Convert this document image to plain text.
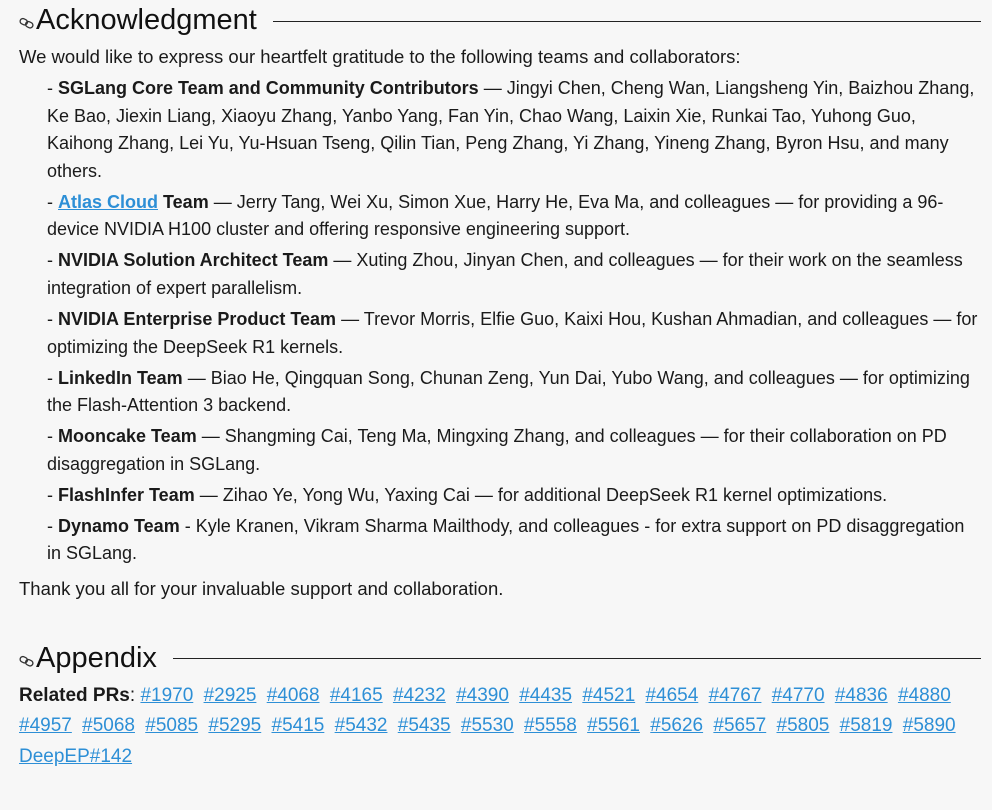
Acknowledgment

We would like to express our heartfelt gratitude to the following teams and collaborators:

- SGLang Core Team and Community Contributors — Jingyi Chen, Cheng Wan, Liangsheng Yin, Baizhou Zhang, Ke Bao, Jiexin Liang, Xiaoyu Zhang, Yanbo Yang, Fan Yin, Chao Wang, Laixin Xie, Runkai Tao, Yuhong Guo, Kaihong Zhang, Lei Yu, Yu-Hsuan Tseng, Qilin Tian, Peng Zhang, Yi Zhang, Yineng Zhang, Byron Hsu, and many others.
- Atlas Cloud Team — Jerry Tang, Wei Xu, Simon Xue, Harry He, Eva Ma, and colleagues — for providing a 96-device NVIDIA H100 cluster and offering responsive engineering support.
- NVIDIA Solution Architect Team — Xuting Zhou, Jinyan Chen, and colleagues — for their work on the seamless integration of expert parallelism.
- NVIDIA Enterprise Product Team — Trevor Morris, Elfie Guo, Kaixi Hou, Kushan Ahmadian, and colleagues — for optimizing the DeepSeek R1 kernels.
- LinkedIn Team — Biao He, Qingquan Song, Chunan Zeng, Yun Dai, Yubo Wang, and colleagues — for optimizing the Flash-Attention 3 backend.
- Mooncake Team — Shangming Cai, Teng Ma, Mingxing Zhang, and colleagues — for their collaboration on PD disaggregation in SGLang.
- FlashInfer Team — Zihao Ye, Yong Wu, Yaxing Cai — for additional DeepSeek R1 kernel optimizations.
- Dynamo Team - Kyle Kranen, Vikram Sharma Mailthody, and colleagues - for extra support on PD disaggregation in SGLang.

Thank you all for your invaluable support and collaboration.

Appendix
Related PRs: #1970 #2925 #4068 #4165 #4232 #4390 #4435 #4521 #4654 #4767 #4770 #4836 #4880 #4957 #5068 #5085 #5295 #5415 #5432 #5435 #5530 #5558 #5561 #5626 #5657 #5805 #5819 #5890 DeepEP#142
